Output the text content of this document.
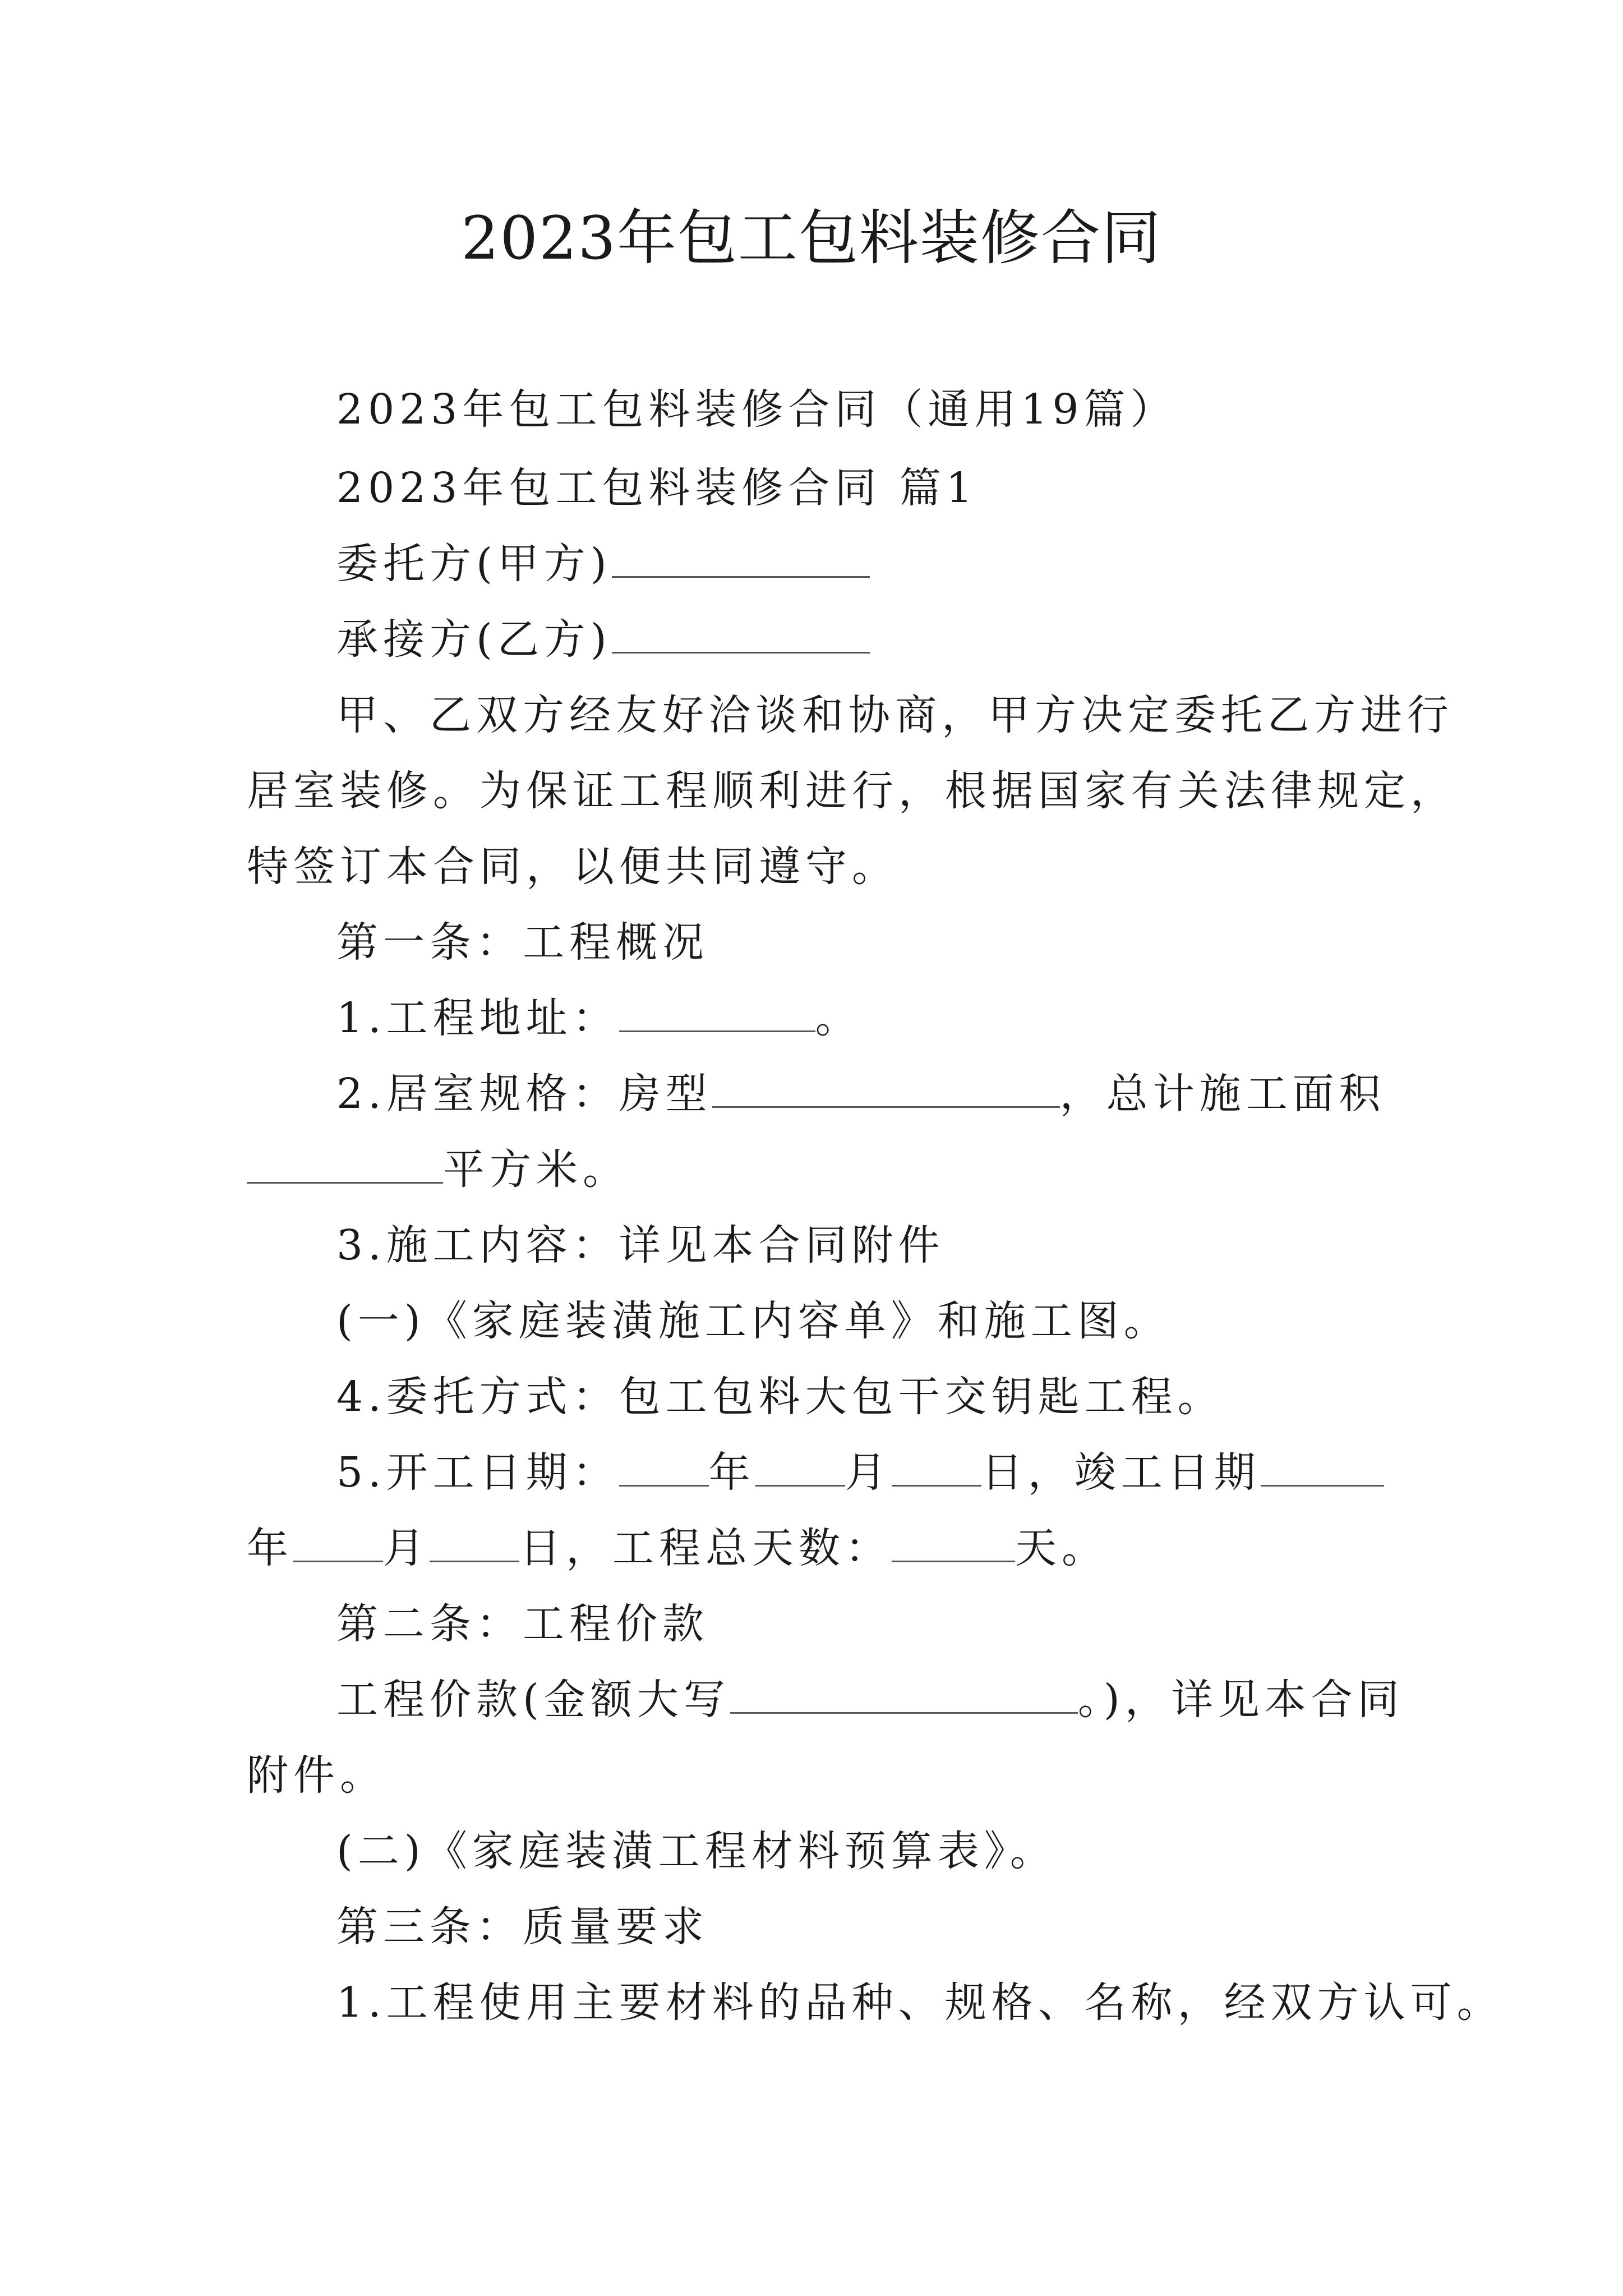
2023年包工包料装修合同
2023年包工包料装修合同（通用19篇）
2023年包工包料装修合同 篇1
委托方(甲方)
承接方(乙方)
甲、乙双方经友好洽谈和协商，甲方决定委托乙方进行
居室装修。为保证工程顺利进行，根据国家有关法律规定，
特签订本合同，以便共同遵守。
第一条：工程概况
1.工程地址：	。
2.居室规格：房型	，总计施工面积
平方米。
3.施工内容：详见本合同附件
(一)《家庭装潢施工内容单》和施工图。
4.委托方式：包工包料大包干交钥匙工程。
5.开工日期： 年 月 日，竣工日期
年 月 日，工程总天数：	天。
第二条：工程价款
工程价款(金额大写	。)，详见本合同
附件。
(二)《家庭装潢工程材料预算表》。
第三条：质量要求
1.工程使用主要材料的品种、规格、名称，经双方认可。
